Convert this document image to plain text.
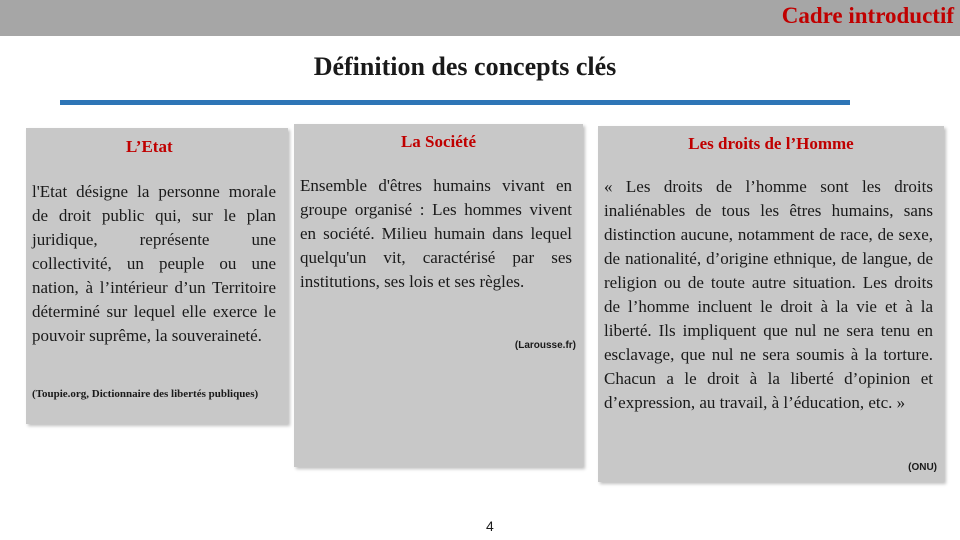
Cadre introductif
Définition des concepts clés
L’Etat
l'Etat désigne la personne morale de droit public qui, sur le plan juridique, représente une collectivité, un peuple ou une nation, à l’intérieur d’un Territoire déterminé sur lequel elle exerce le pouvoir suprême, la souveraineté.
(Toupie.org, Dictionnaire des libertés publiques)
La Société
Ensemble d'êtres humains vivant en groupe organisé : Les hommes vivent en société. Milieu humain dans lequel quelqu'un vit, caractérisé par ses institutions, ses lois et ses règles.
(Larousse.fr)
Les droits de l’Homme
« Les droits de l’homme sont les droits inaliénables de tous les êtres humains, sans distinction aucune, notamment de race, de sexe, de nationalité, d’origine ethnique, de langue, de religion ou de toute autre situation. Les droits de l’homme incluent le droit à la vie et à la liberté. Ils impliquent que nul ne sera tenu en esclavage, que nul ne sera soumis à la torture. Chacun a le droit à la liberté d’opinion et d’expression, au travail, à l’éducation, etc. »
(ONU)
4
